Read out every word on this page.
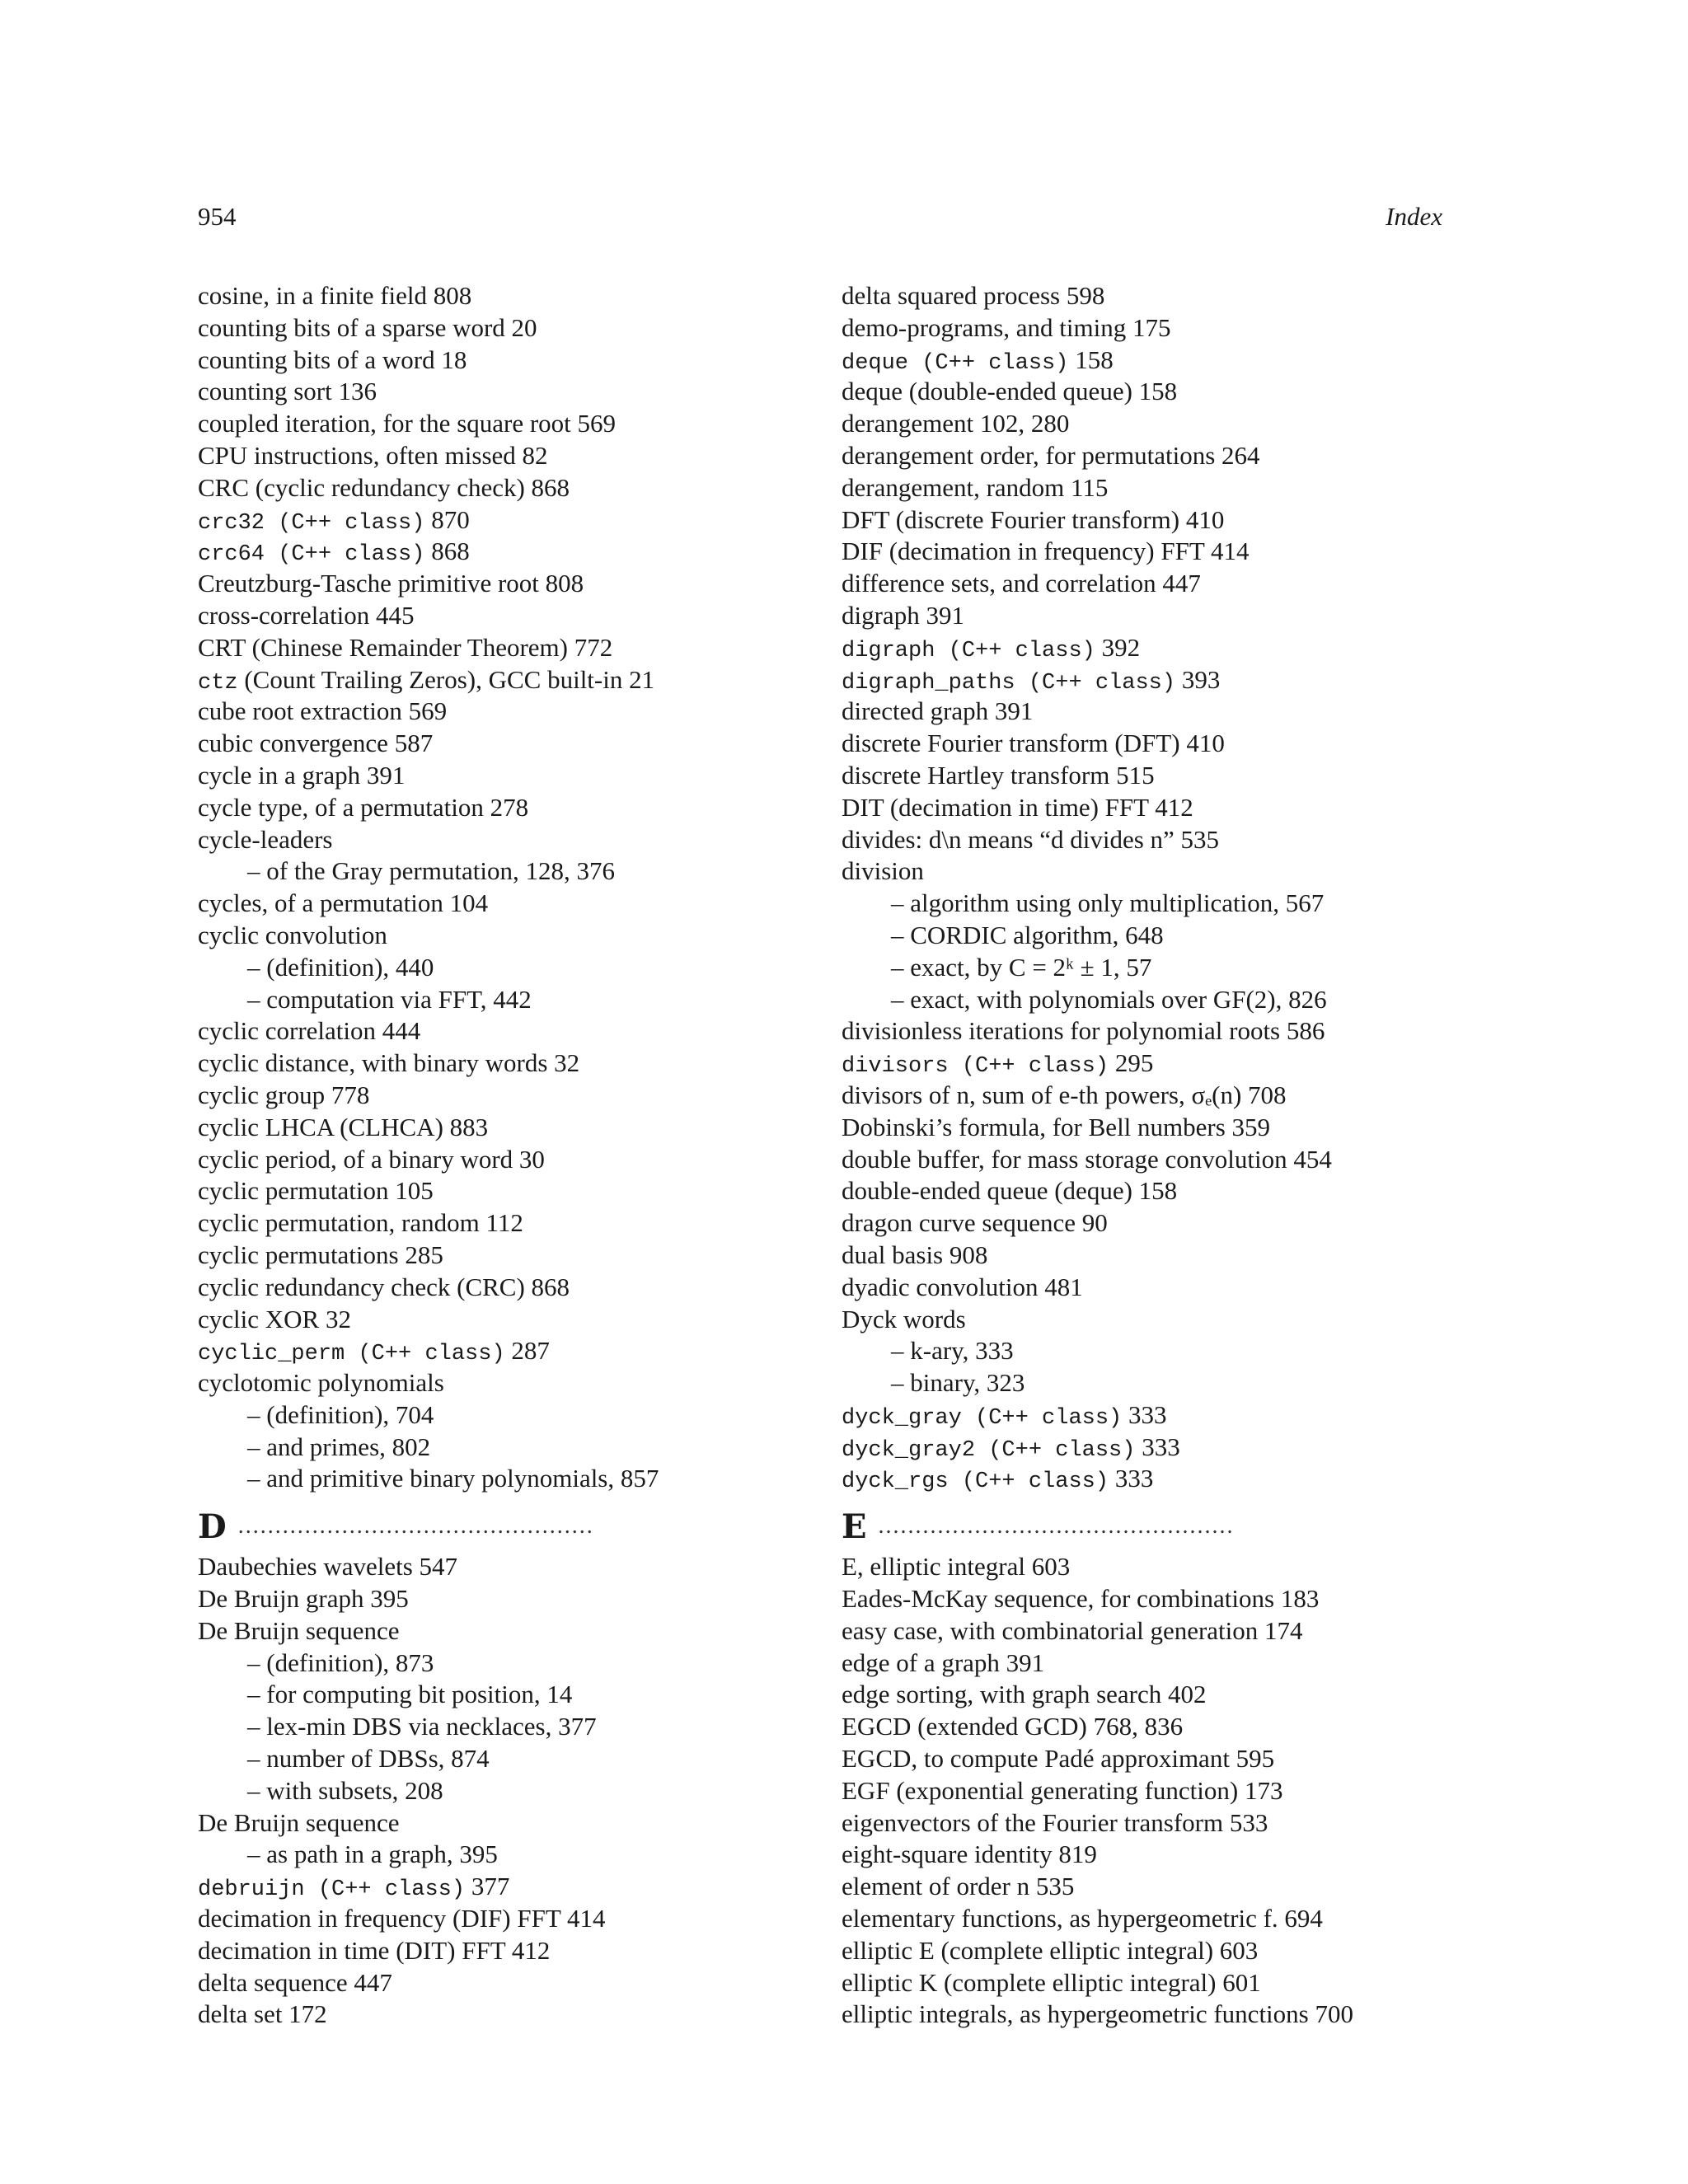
954	Index
cosine, in a finite field 808
counting bits of a sparse word 20
counting bits of a word 18
counting sort 136
coupled iteration, for the square root 569
CPU instructions, often missed 82
CRC (cyclic redundancy check) 868
crc32 (C++ class) 870
crc64 (C++ class) 868
Creutzburg-Tasche primitive root 808
cross-correlation 445
CRT (Chinese Remainder Theorem) 772
ctz (Count Trailing Zeros), GCC built-in 21
cube root extraction 569
cubic convergence 587
cycle in a graph 391
cycle type, of a permutation 278
cycle-leaders
– of the Gray permutation, 128, 376
cycles, of a permutation 104
cyclic convolution
– (definition), 440
– computation via FFT, 442
cyclic correlation 444
cyclic distance, with binary words 32
cyclic group 778
cyclic LHCA (CLHCA) 883
cyclic period, of a binary word 30
cyclic permutation 105
cyclic permutation, random 112
cyclic permutations 285
cyclic redundancy check (CRC) 868
cyclic XOR 32
cyclic_perm (C++ class) 287
cyclotomic polynomials
– (definition), 704
– and primes, 802
– and primitive binary polynomials, 857
D ................................................
Daubechies wavelets 547
De Bruijn graph 395
De Bruijn sequence
– (definition), 873
– for computing bit position, 14
– lex-min DBS via necklaces, 377
– number of DBSs, 874
– with subsets, 208
De Bruijn sequence
– as path in a graph, 395
debruijn (C++ class) 377
decimation in frequency (DIF) FFT 414
decimation in time (DIT) FFT 412
delta sequence 447
delta set 172
delta squared process 598
demo-programs, and timing 175
deque (C++ class) 158
deque (double-ended queue) 158
derangement 102, 280
derangement order, for permutations 264
derangement, random 115
DFT (discrete Fourier transform) 410
DIF (decimation in frequency) FFT 414
difference sets, and correlation 447
digraph 391
digraph (C++ class) 392
digraph_paths (C++ class) 393
directed graph 391
discrete Fourier transform (DFT) 410
discrete Hartley transform 515
DIT (decimation in time) FFT 412
divides: d\n means “d divides n” 535
division
– algorithm using only multiplication, 567
– CORDIC algorithm, 648
– exact, by C = 2ᵏ ± 1, 57
– exact, with polynomials over GF(2), 826
divisionless iterations for polynomial roots 586
divisors (C++ class) 295
divisors of n, sum of e-th powers, σₑ(n) 708
Dobinski’s formula, for Bell numbers 359
double buffer, for mass storage convolution 454
double-ended queue (deque) 158
dragon curve sequence 90
dual basis 908
dyadic convolution 481
Dyck words
– k-ary, 333
– binary, 323
dyck_gray (C++ class) 333
dyck_gray2 (C++ class) 333
dyck_rgs (C++ class) 333
E ................................................
E, elliptic integral 603
Eades-McKay sequence, for combinations 183
easy case, with combinatorial generation 174
edge of a graph 391
edge sorting, with graph search 402
EGCD (extended GCD) 768, 836
EGCD, to compute Padé approximant 595
EGF (exponential generating function) 173
eigenvectors of the Fourier transform 533
eight-square identity 819
element of order n 535
elementary functions, as hypergeometric f. 694
elliptic E (complete elliptic integral) 603
elliptic K (complete elliptic integral) 601
elliptic integrals, as hypergeometric functions 700
